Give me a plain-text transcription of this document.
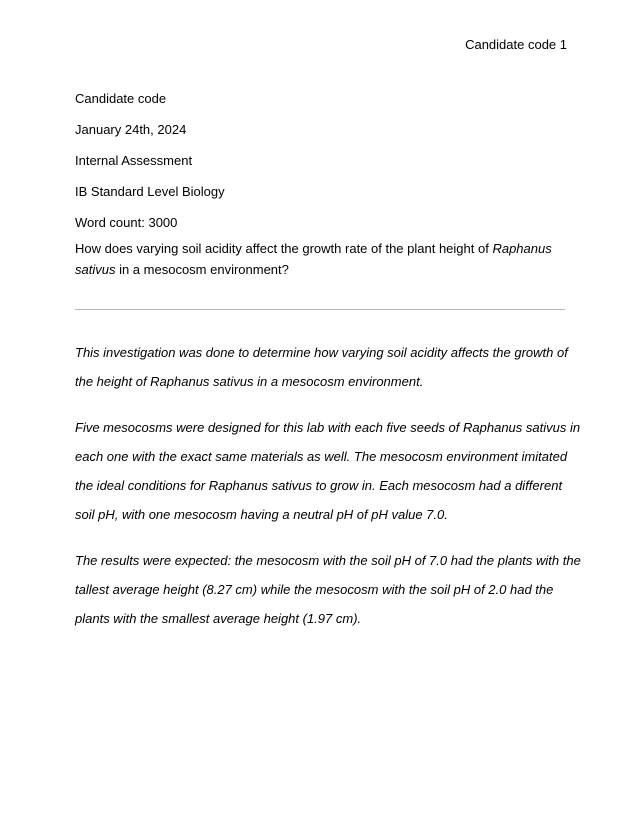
Candidate code 1

Candidate code

January 24th, 2024

Internal Assessment

IB Standard Level Biology

Word count: 3000

How does varying soil acidity affect the growth rate of the plant height of Raphanus sativus in a mesocosm environment?

This investigation was done to determine how varying soil acidity affects the growth of the height of Raphanus sativus in a mesocosm environment.

Five mesocosms were designed for this lab with each five seeds of Raphanus sativus in each one with the exact same materials as well. The mesocosm environment imitated the ideal conditions for Raphanus sativus to grow in. Each mesocosm had a different soil pH, with one mesocosm having a neutral pH of pH value 7.0.

The results were expected: the mesocosm with the soil pH of 7.0 had the plants with the tallest average height (8.27 cm) while the mesocosm with the soil pH of 2.0 had the plants with the smallest average height (1.97 cm).
